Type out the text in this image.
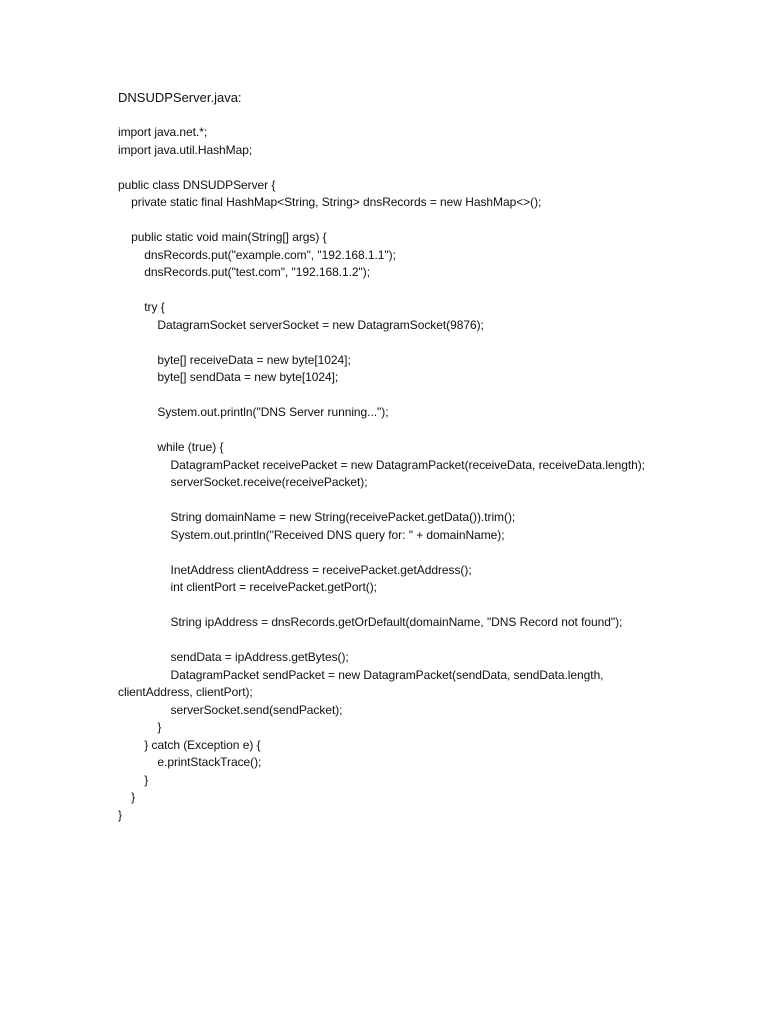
DNSUDPServer.java:
import java.net.*;
import java.util.HashMap;
public class DNSUDPServer {
private static final HashMap<String, String> dnsRecords = new HashMap<>();
public static void main(String[] args) {
dnsRecords.put("example.com", "192.168.1.1");
dnsRecords.put("test.com", "192.168.1.2");
try {
DatagramSocket serverSocket = new DatagramSocket(9876);
byte[] receiveData = new byte[1024];
byte[] sendData = new byte[1024];
System.out.println("DNS Server running...");
while (true) {
DatagramPacket receivePacket = new DatagramPacket(receiveData, receiveData.length);
serverSocket.receive(receivePacket);
String domainName = new String(receivePacket.getData()).trim();
System.out.println("Received DNS query for: " + domainName);
InetAddress clientAddress = receivePacket.getAddress();
int clientPort = receivePacket.getPort();
String ipAddress = dnsRecords.getOrDefault(domainName, "DNS Record not found");
sendData = ipAddress.getBytes();
DatagramPacket sendPacket = new DatagramPacket(sendData, sendData.length,
clientAddress, clientPort);
serverSocket.send(sendPacket);
}
} catch (Exception e) {
e.printStackTrace();
}
}
}
